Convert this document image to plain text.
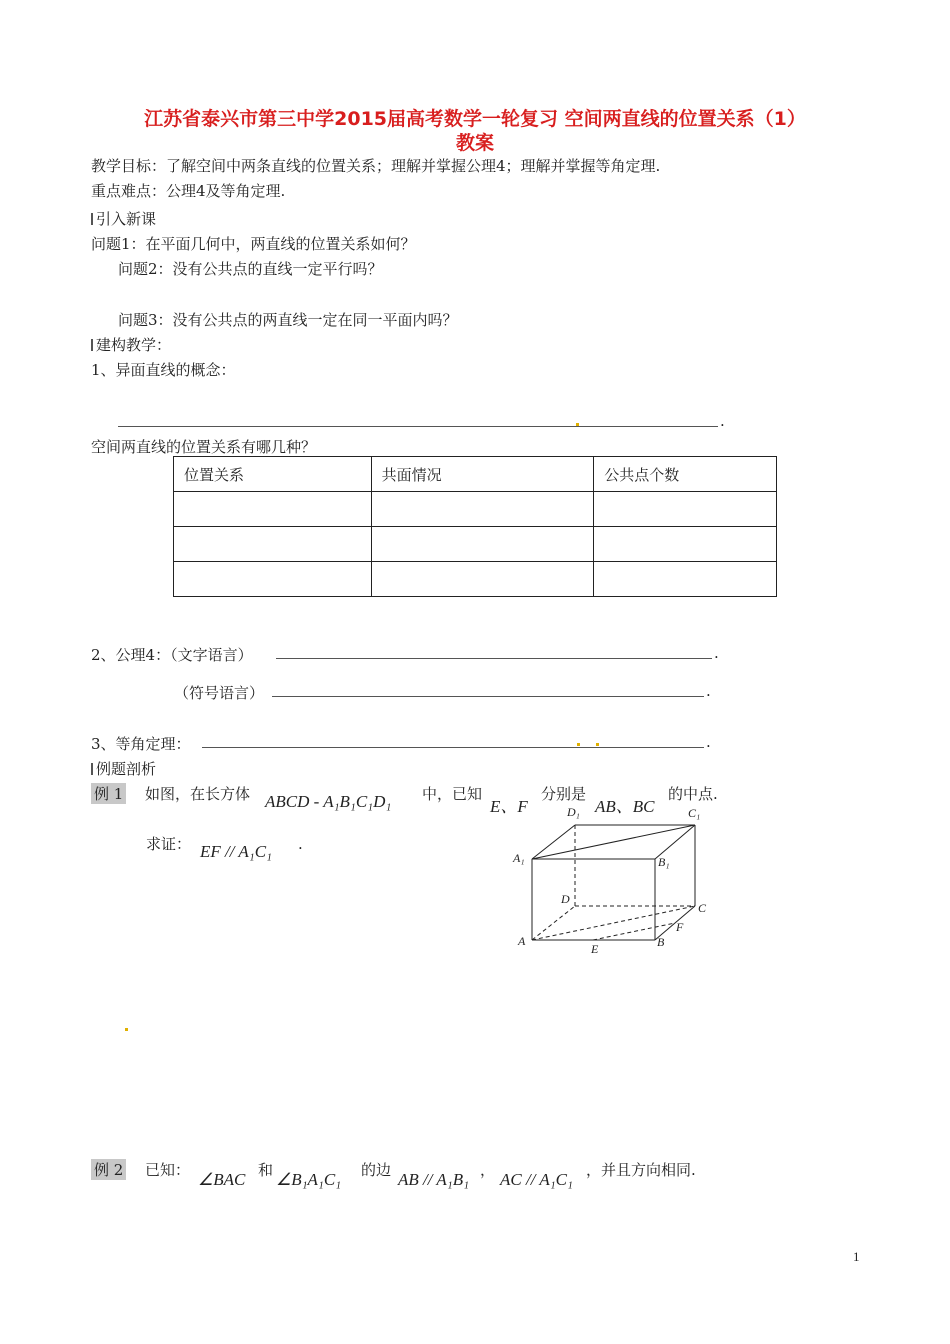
江苏省泰兴市第三中学2015届高考数学一轮复习 空间两直线的位置关系（1）
教案
教学目标：了解空间中两条直线的位置关系；理解并掌握公理4；理解并掌握等角定理.
重点难点：公理4及等角定理.
引入新课
问题1：在平面几何中，两直线的位置关系如何？
问题2：没有公共点的直线一定平行吗？
问题3：没有公共点的两直线一定在同一平面内吗？
建构教学：
1、异面直线的概念：
.
空间两直线的位置关系有哪几种？
位置关系	共面情况	公共点个数

2、公理4：（文字语言）	.
（符号语言）	.
3、等角定理：	.
例题剖析
例 1 如图，在长方体 ABCD - A₁B₁C₁D₁ 中，已知
E、F
分别是
AB、BC
的中点.
求证： EF // A₁C₁ .
A	B
C
D
A₁	B₁
C₁
D₁
E
F
例 2 已知： ∠BAC 和 ∠B₁A₁C₁ 的边 AB // A₁B₁ ， AC // A₁C₁ ，并且方向相同.
1
